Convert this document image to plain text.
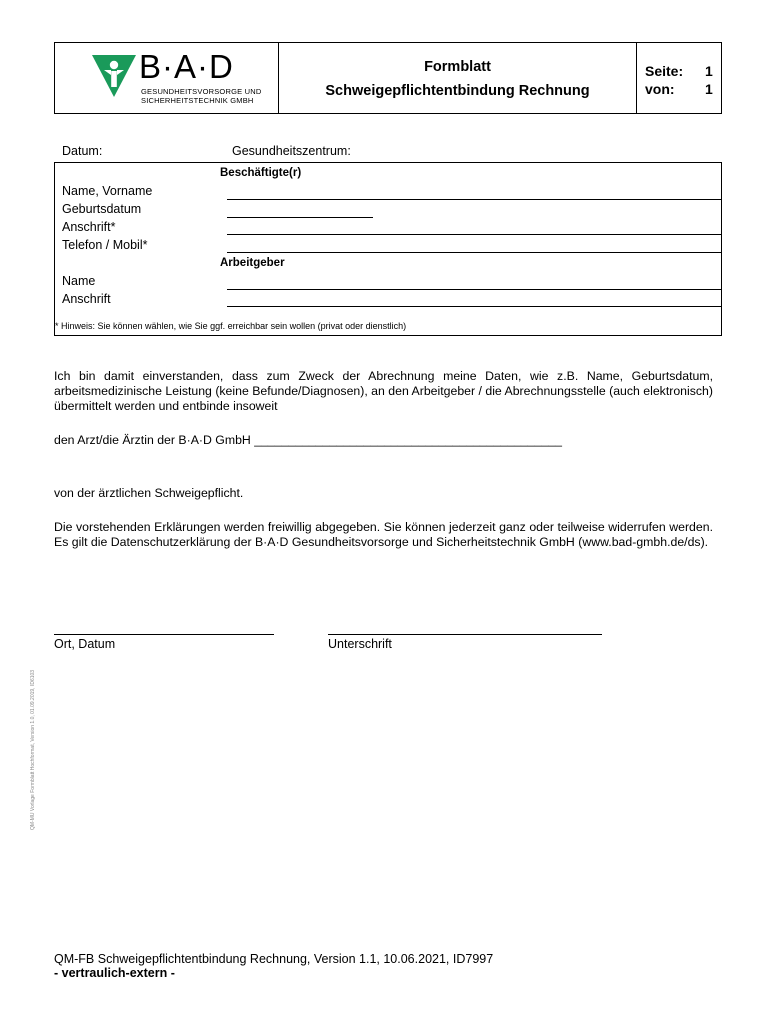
B·A·D
GESUNDHEITSVORSORGE UND
SICHERHEITSTECHNIK GMBH
Formblatt
Schweigepflichtentbindung Rechnung
Seite: 1
von: 1
Datum:	Gesundheitszentrum:
Beschäftigte(r)
Name, Vorname
Geburtsdatum
Anschrift*
Telefon / Mobil*
Arbeitgeber
Name
Anschrift
* Hinweis: Sie können wählen, wie Sie ggf. erreichbar sein wollen (privat oder dienstlich)
Ich bin damit einverstanden, dass zum Zweck der Abrechnung meine Daten, wie z.B. Name, Geburtsdatum, arbeitsmedizinische Leistung (keine Befunde/Diagnosen), an den Arbeitgeber / die Abrechnungsstelle (auch elektronisch) übermittelt werden und entbinde insoweit
den Arzt/die Ärztin der B·A·D GmbH _____________________________________________
von der ärztlichen Schweigepflicht.
Die vorstehenden Erklärungen werden freiwillig abgegeben. Sie können jederzeit ganz oder teilweise widerrufen werden. Es gilt die Datenschutzerklärung der B·A·D Gesundheitsvorsorge und Sicherheitstechnik GmbH (www.bad-gmbh.de/ds).
Ort, Datum	Unterschrift
QM-MU Vorlage Formblatt Hochformat, Version 1.0, 01.09.2019, ID6103
QM-FB Schweigepflichtentbindung Rechnung, Version 1.1, 10.06.2021, ID7997
- vertraulich-extern -
